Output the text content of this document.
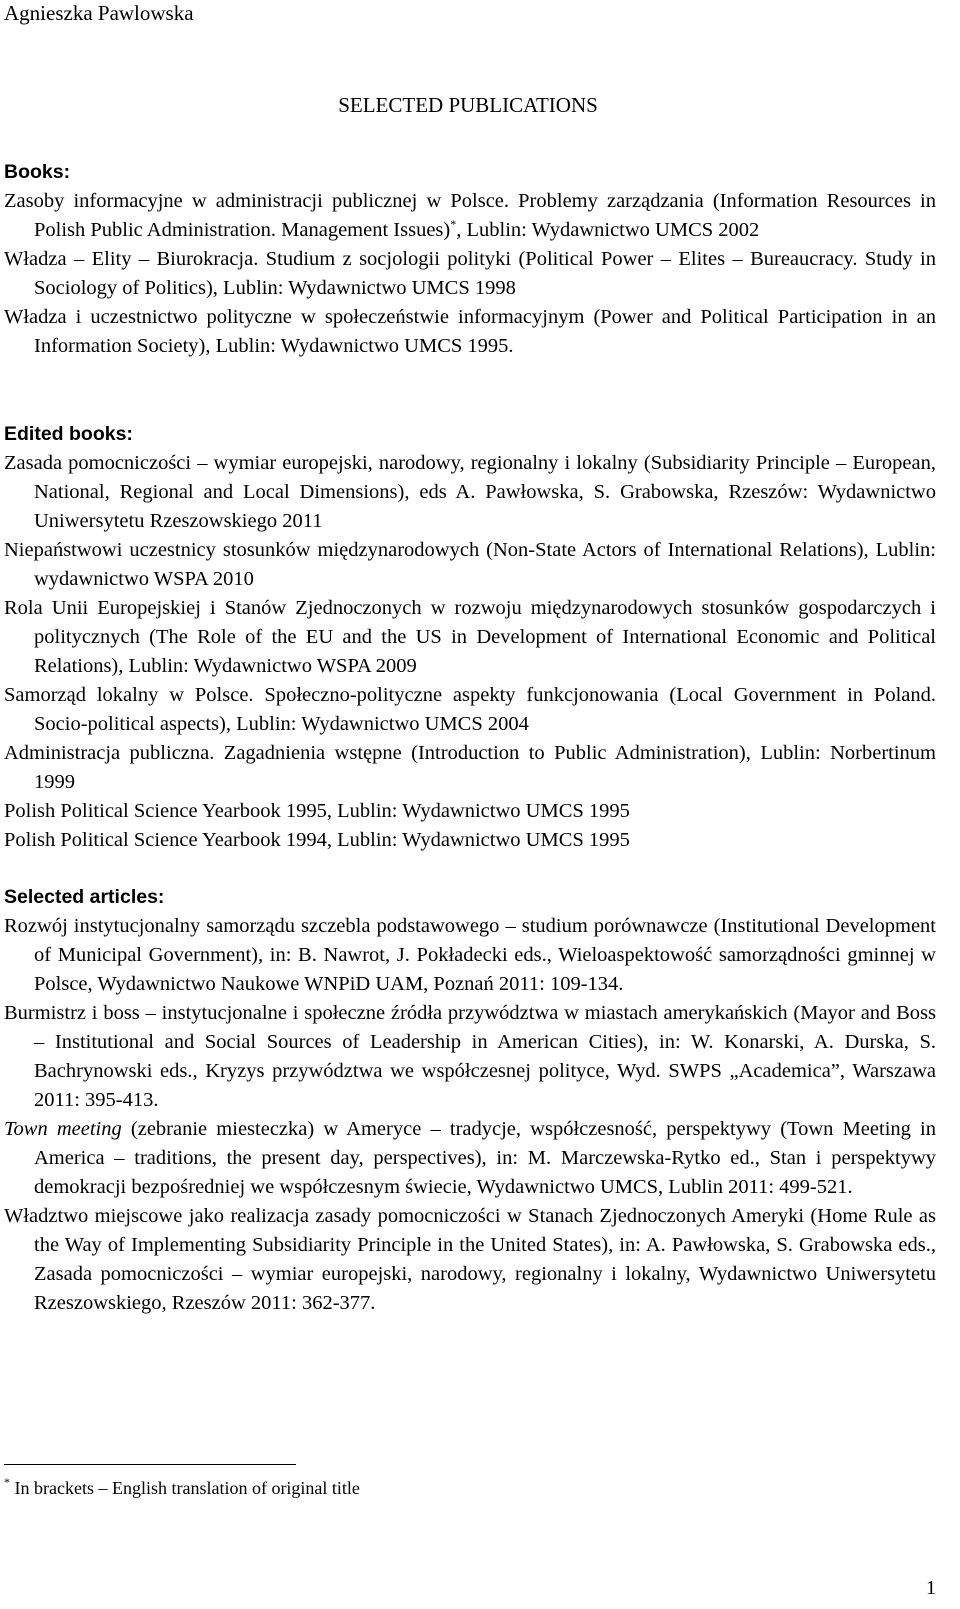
Agnieszka Pawlowska
SELECTED PUBLICATIONS
Books:

Zasoby informacyjne w administracji publicznej w Polsce. Problemy zarządzania (Information Resources in Polish Public Administration. Management Issues)*, Lublin: Wydawnictwo UMCS 2002

Władza – Elity – Biurokracja. Studium z socjologii polityki (Political Power – Elites – Bureaucracy. Study in Sociology of Politics), Lublin: Wydawnictwo UMCS 1998

Władza i uczestnictwo polityczne w społeczeństwie informacyjnym (Power and Political Participation in an Information Society), Lublin: Wydawnictwo UMCS 1995.

Edited books:

Zasada pomocniczości – wymiar europejski, narodowy, regionalny i lokalny (Subsidiarity Principle – European, National, Regional and Local Dimensions), eds A. Pawłowska, S. Grabowska, Rzeszów: Wydawnictwo Uniwersytetu Rzeszowskiego 2011

Niepaństwowi uczestnicy stosunków międzynarodowych (Non-State Actors of International Relations), Lublin: wydawnictwo WSPA 2010

Rola Unii Europejskiej i Stanów Zjednoczonych w rozwoju międzynarodowych stosunków gospodarczych i politycznych (The Role of the EU and the US in Development of International Economic and Political Relations), Lublin: Wydawnictwo WSPA 2009

Samorząd lokalny w Polsce. Społeczno-polityczne aspekty funkcjonowania (Local Government in Poland. Socio-political aspects), Lublin: Wydawnictwo UMCS 2004

Administracja publiczna. Zagadnienia wstępne (Introduction to Public Administration), Lublin: Norbertinum 1999

Polish Political Science Yearbook 1995, Lublin: Wydawnictwo UMCS 1995

Polish Political Science Yearbook 1994, Lublin: Wydawnictwo UMCS 1995

Selected articles:

Rozwój instytucjonalny samorządu szczebla podstawowego – studium porównawcze (Institutional Development of Municipal Government), in: B. Nawrot, J. Pokładecki eds., Wieloaspektowość samorządności gminnej w Polsce, Wydawnictwo Naukowe WNPiD UAM, Poznań 2011: 109-134.

Burmistrz i boss – instytucjonalne i społeczne źródła przywództwa w miastach amerykańskich (Mayor and Boss – Institutional and Social Sources of Leadership in American Cities), in: W. Konarski, A. Durska, S. Bachrynowski eds., Kryzys przywództwa we współczesnej polityce, Wyd. SWPS „Academica”, Warszawa 2011: 395-413.

Town meeting (zebranie miesteczka) w Ameryce – tradycje, współczesność, perspektywy (Town Meeting in America – traditions, the present day, perspectives), in: M. Marczewska-Rytko ed., Stan i perspektywy demokracji bezpośredniej we współczesnym świecie, Wydawnictwo UMCS, Lublin 2011: 499-521.

Władztwo miejscowe jako realizacja zasady pomocniczości w Stanach Zjednoczonych Ameryki (Home Rule as the Way of Implementing Subsidiarity Principle in the United States), in: A. Pawłowska, S. Grabowska eds., Zasada pomocniczości – wymiar europejski, narodowy, regionalny i lokalny, Wydawnictwo Uniwersytetu Rzeszowskiego, Rzeszów 2011: 362-377.

* In brackets – English translation of original title
1
